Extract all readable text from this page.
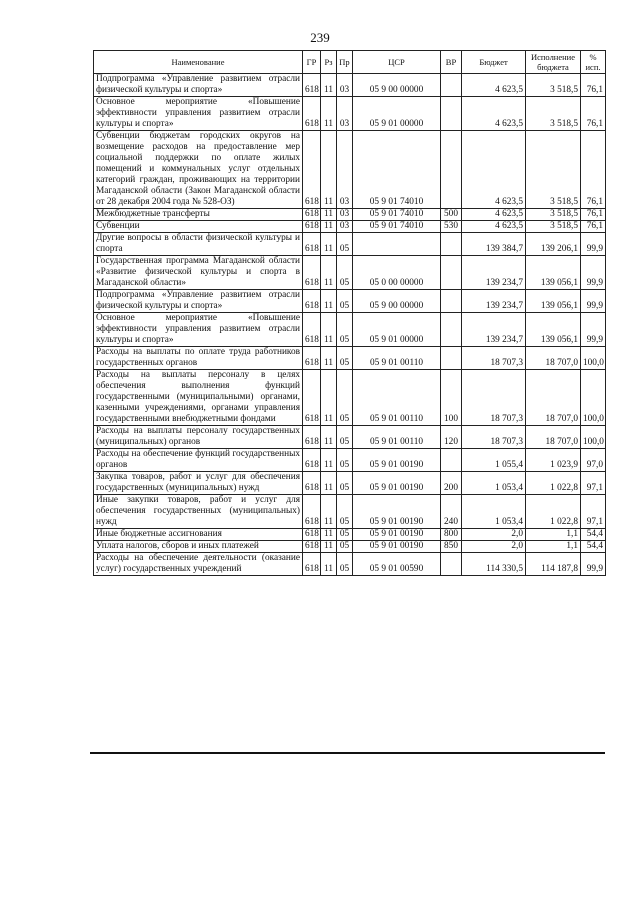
239
Наименование	ГР	Рз	Пр	ЦСР	ВР	Бюджет	Исполнение бюджета	% исп.
Подпрограмма «Управление развитием отрасли физической культуры и спорта»	618	11	03	05 9 00 00000		4 623,5	3 518,5	76,1
Основное мероприятие «Повышение эффективности управления развитием отрасли культуры и спорта»	618	11	03	05 9 01 00000		4 623,5	3 518,5	76,1
Субвенции бюджетам городских округов на возмещение расходов на предоставление мер социальной поддержки по оплате жилых помещений и коммунальных услуг отдельных категорий граждан, проживающих на территории Магаданской области (Закон Магаданской области от 28 декабря 2004 года № 528-ОЗ)	618	11	03	05 9 01 74010		4 623,5	3 518,5	76,1
Межбюджетные трансферты	618	11	03	05 9 01 74010	500	4 623,5	3 518,5	76,1
Субвенции	618	11	03	05 9 01 74010	530	4 623,5	3 518,5	76,1
Другие вопросы в области физической культуры и спорта	618	11	05			139 384,7	139 206,1	99,9
Государственная программа Магаданской области «Развитие физической культуры и спорта в Магаданской области»	618	11	05	05 0 00 00000		139 234,7	139 056,1	99,9
Подпрограмма «Управление развитием отрасли физической культуры и спорта»	618	11	05	05 9 00 00000		139 234,7	139 056,1	99,9
Основное мероприятие «Повышение эффективности управления развитием отрасли культуры и спорта»	618	11	05	05 9 01 00000		139 234,7	139 056,1	99,9
Расходы на выплаты по оплате труда работников государственных органов	618	11	05	05 9 01 00110		18 707,3	18 707,0	100,0
Расходы на выплаты персоналу в целях обеспечения выполнения функций государственными (муниципальными) органами, казенными учреждениями, органами управления государственными внебюджетными фондами	618	11	05	05 9 01 00110	100	18 707,3	18 707,0	100,0
Расходы на выплаты персоналу государственных (муниципальных) органов	618	11	05	05 9 01 00110	120	18 707,3	18 707,0	100,0
Расходы на обеспечение функций государственных органов	618	11	05	05 9 01 00190		1 055,4	1 023,9	97,0
Закупка товаров, работ и услуг для обеспечения государственных (муниципальных) нужд	618	11	05	05 9 01 00190	200	1 053,4	1 022,8	97,1
Иные закупки товаров, работ и услуг для обеспечения государственных (муниципальных) нужд	618	11	05	05 9 01 00190	240	1 053,4	1 022,8	97,1
Иные бюджетные ассигнования	618	11	05	05 9 01 00190	800	2,0	1,1	54,4
Уплата налогов, сборов и иных платежей	618	11	05	05 9 01 00190	850	2,0	1,1	54,4
Расходы на обеспечение деятельности (оказание услуг) государственных учреждений	618	11	05	05 9 01 00590		114 330,5	114 187,8	99,9
